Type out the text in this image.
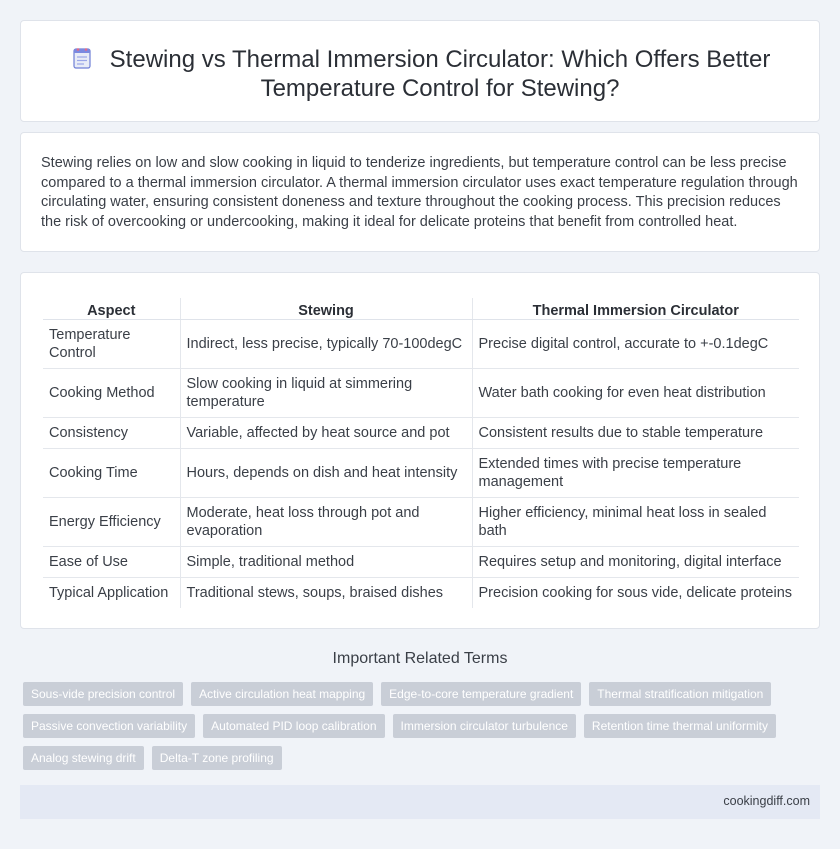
Stewing vs Thermal Immersion Circulator: Which Offers Better Temperature Control for Stewing?

Stewing relies on low and slow cooking in liquid to tenderize ingredients, but temperature control can be less precise compared to a thermal immersion circulator. A thermal immersion circulator uses exact temperature regulation through circulating water, ensuring consistent doneness and texture throughout the cooking process. This precision reduces the risk of overcooking or undercooking, making it ideal for delicate proteins that benefit from controlled heat.

Aspect	Stewing	Thermal Immersion Circulator
Temperature Control	Indirect, less precise, typically 70-100degC	Precise digital control, accurate to +-0.1degC
Cooking Method	Slow cooking in liquid at simmering temperature	Water bath cooking for even heat distribution
Consistency	Variable, affected by heat source and pot	Consistent results due to stable temperature
Cooking Time	Hours, depends on dish and heat intensity	Extended times with precise temperature management
Energy Efficiency	Moderate, heat loss through pot and evaporation	Higher efficiency, minimal heat loss in sealed bath
Ease of Use	Simple, traditional method	Requires setup and monitoring, digital interface
Typical Application	Traditional stews, soups, braised dishes	Precision cooking for sous vide, delicate proteins
Important Related Terms
Sous-vide precision control	Active circulation heat mapping	Edge-to-core temperature gradient	Thermal stratification mitigation
Passive convection variability	Automated PID loop calibration	Immersion circulator turbulence	Retention time thermal uniformity
Analog stewing drift	Delta-T zone profiling
cookingdiff.com
